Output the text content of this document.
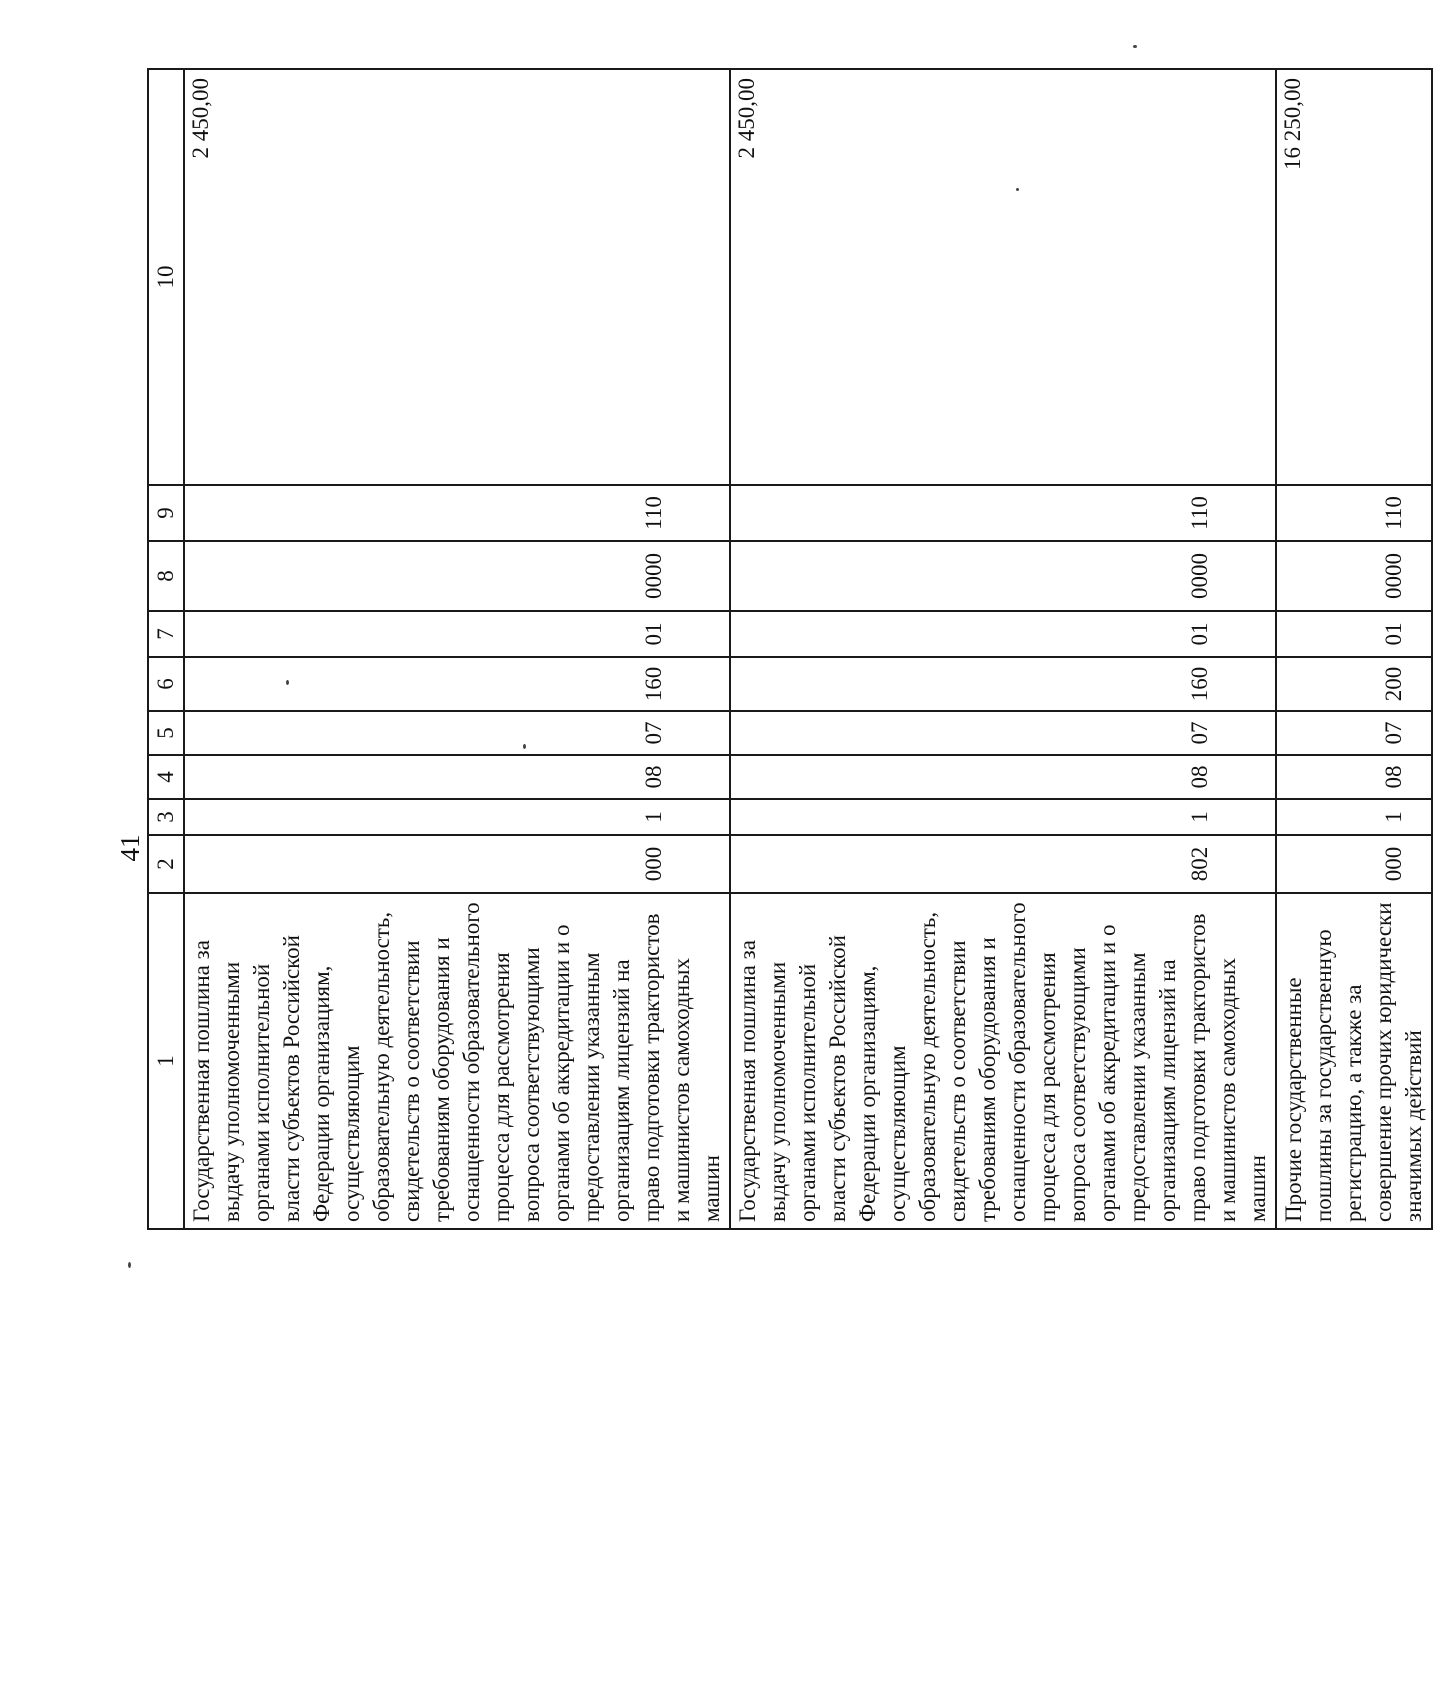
41
1	2	3	4	5	6	7	8	9	10
Государственная пошлина за выдачу уполномоченными органами исполнительной власти субъектов Российской Федерации организациям, осуществляющим образовательную деятельность, свидетельств о соответствии требованиям оборудования и оснащенности образовательного процесса для рассмотрения вопроса соответствующими органами об аккредитации и о предоставлении указанным организациям лицензий на право подготовки трактористов и машинистов самоходных машин	000	1	08	07	160	01	0000	110	2 450,00
Государственная пошлина за выдачу уполномоченными органами исполнительной власти субъектов Российской Федерации организациям, осуществляющим образовательную деятельность, свидетельств о соответствии требованиям оборудования и оснащенности образовательного процесса для рассмотрения вопроса соответствующими органами об аккредитации и о предоставлении указанным организациям лицензий на право подготовки трактористов и машинистов самоходных машин	802	1	08	07	160	01	0000	110	2 450,00
Прочие государственные пошлины за государственную регистрацию, а также за совершение прочих юридически значимых действий	000	1	08	07	200	01	0000	110	16 250,00
